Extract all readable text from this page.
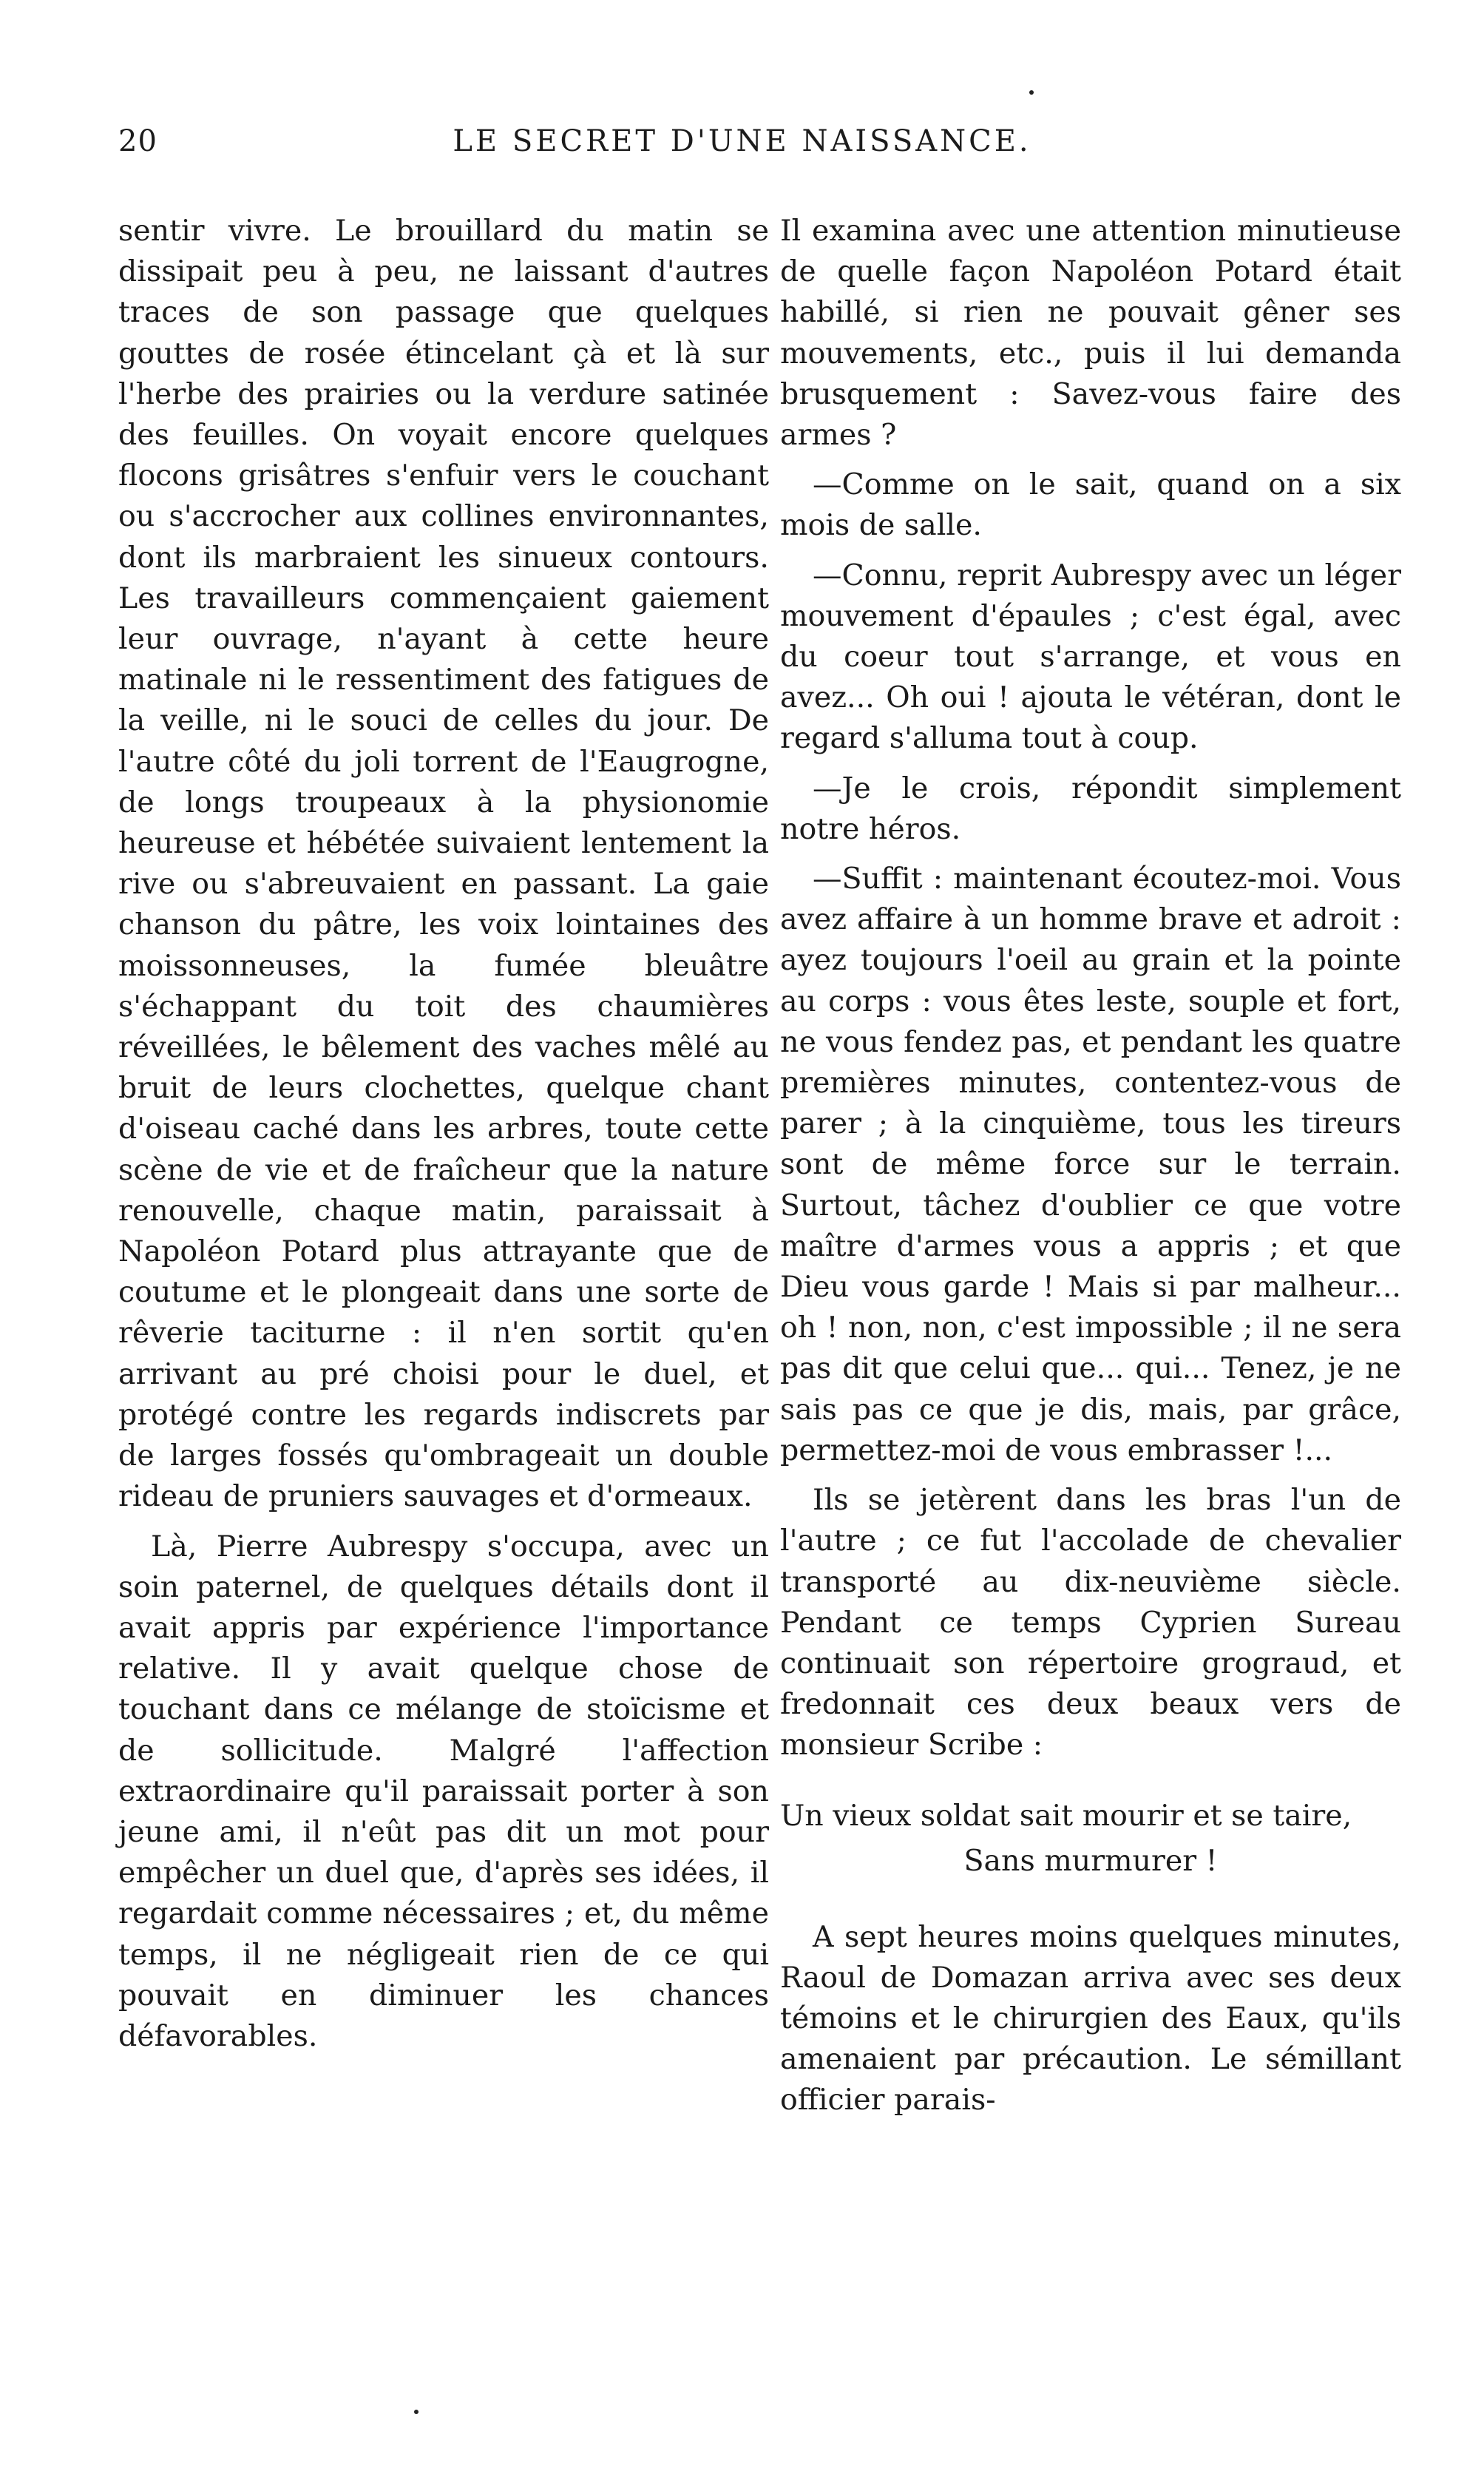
20	LE SECRET D'UNE NAISSANCE.

sentir vivre. Le brouillard du matin se dissipait peu à peu, ne laissant d'autres traces de son passage que quelques gouttes de rosée étincelant çà et là sur l'herbe des prairies ou la verdure satinée des feuilles. On voyait encore quelques flocons grisâtres s'enfuir vers le couchant ou s'accrocher aux collines environnantes, dont ils marbraient les sinueux contours. Les travailleurs commençaient gaiement leur ouvrage, n'ayant à cette heure matinale ni le ressentiment des fatigues de la veille, ni le souci de celles du jour. De l'autre côté du joli torrent de l'Eaugrogne, de longs troupeaux à la physionomie heureuse et hébétée suivaient lentement la rive ou s'abreuvaient en passant. La gaie chanson du pâtre, les voix lointaines des moissonneuses, la fumée bleuâtre s'échappant du toit des chaumières réveillées, le bêlement des vaches mêlé au bruit de leurs clochettes, quelque chant d'oiseau caché dans les arbres, toute cette scène de vie et de fraîcheur que la nature renouvelle, chaque matin, paraissait à Napoléon Potard plus attrayante que de coutume et le plongeait dans une sorte de rêverie taciturne : il n'en sortit qu'en arrivant au pré choisi pour le duel, et protégé contre les regards indiscrets par de larges fossés qu'ombrageait un double rideau de pruniers sauvages et d'ormeaux.

Là, Pierre Aubrespy s'occupa, avec un soin paternel, de quelques détails dont il avait appris par expérience l'importance relative. Il y avait quelque chose de touchant dans ce mélange de stoïcisme et de sollicitude. Malgré l'affection extraordinaire qu'il paraissait porter à son jeune ami, il n'eût pas dit un mot pour empêcher un duel que, d'après ses idées, il regardait comme nécessaires ; et, du même temps, il ne négligeait rien de ce qui pouvait en diminuer les chances défavorables.

Il examina avec une attention minutieuse de quelle façon Napoléon Potard était habillé, si rien ne pouvait gêner ses mouvements, etc., puis il lui demanda brusquement : Savez-vous faire des armes ?

—Comme on le sait, quand on a six mois de salle.

—Connu, reprit Aubrespy avec un léger mouvement d'épaules ; c'est égal, avec du coeur tout s'arrange, et vous en avez... Oh oui ! ajouta le vétéran, dont le regard s'alluma tout à coup.

—Je le crois, répondit simplement notre héros.

—Suffit : maintenant écoutez-moi. Vous avez affaire à un homme brave et adroit : ayez toujours l'oeil au grain et la pointe au corps : vous êtes leste, souple et fort, ne vous fendez pas, et pendant les quatre premières minutes, contentez-vous de parer ; à la cinquième, tous les tireurs sont de même force sur le terrain. Surtout, tâchez d'oublier ce que votre maître d'armes vous a appris ; et que Dieu vous garde ! Mais si par malheur... oh ! non, non, c'est impossible ; il ne sera pas dit que celui que... qui... Tenez, je ne sais pas ce que je dis, mais, par grâce, permettez-moi de vous embrasser !...

Ils se jetèrent dans les bras l'un de l'autre ; ce fut l'accolade de chevalier transporté au dix-neuvième siècle. Pendant ce temps Cyprien Sureau continuait son répertoire grograud, et fredonnait ces deux beaux vers de monsieur Scribe :

Un vieux soldat sait mourir et se taire,
Sans murmurer !

A sept heures moins quelques minutes, Raoul de Domazan arriva avec ses deux témoins et le chirurgien des Eaux, qu'ils amenaient par précaution. Le sémillant officier parais-
